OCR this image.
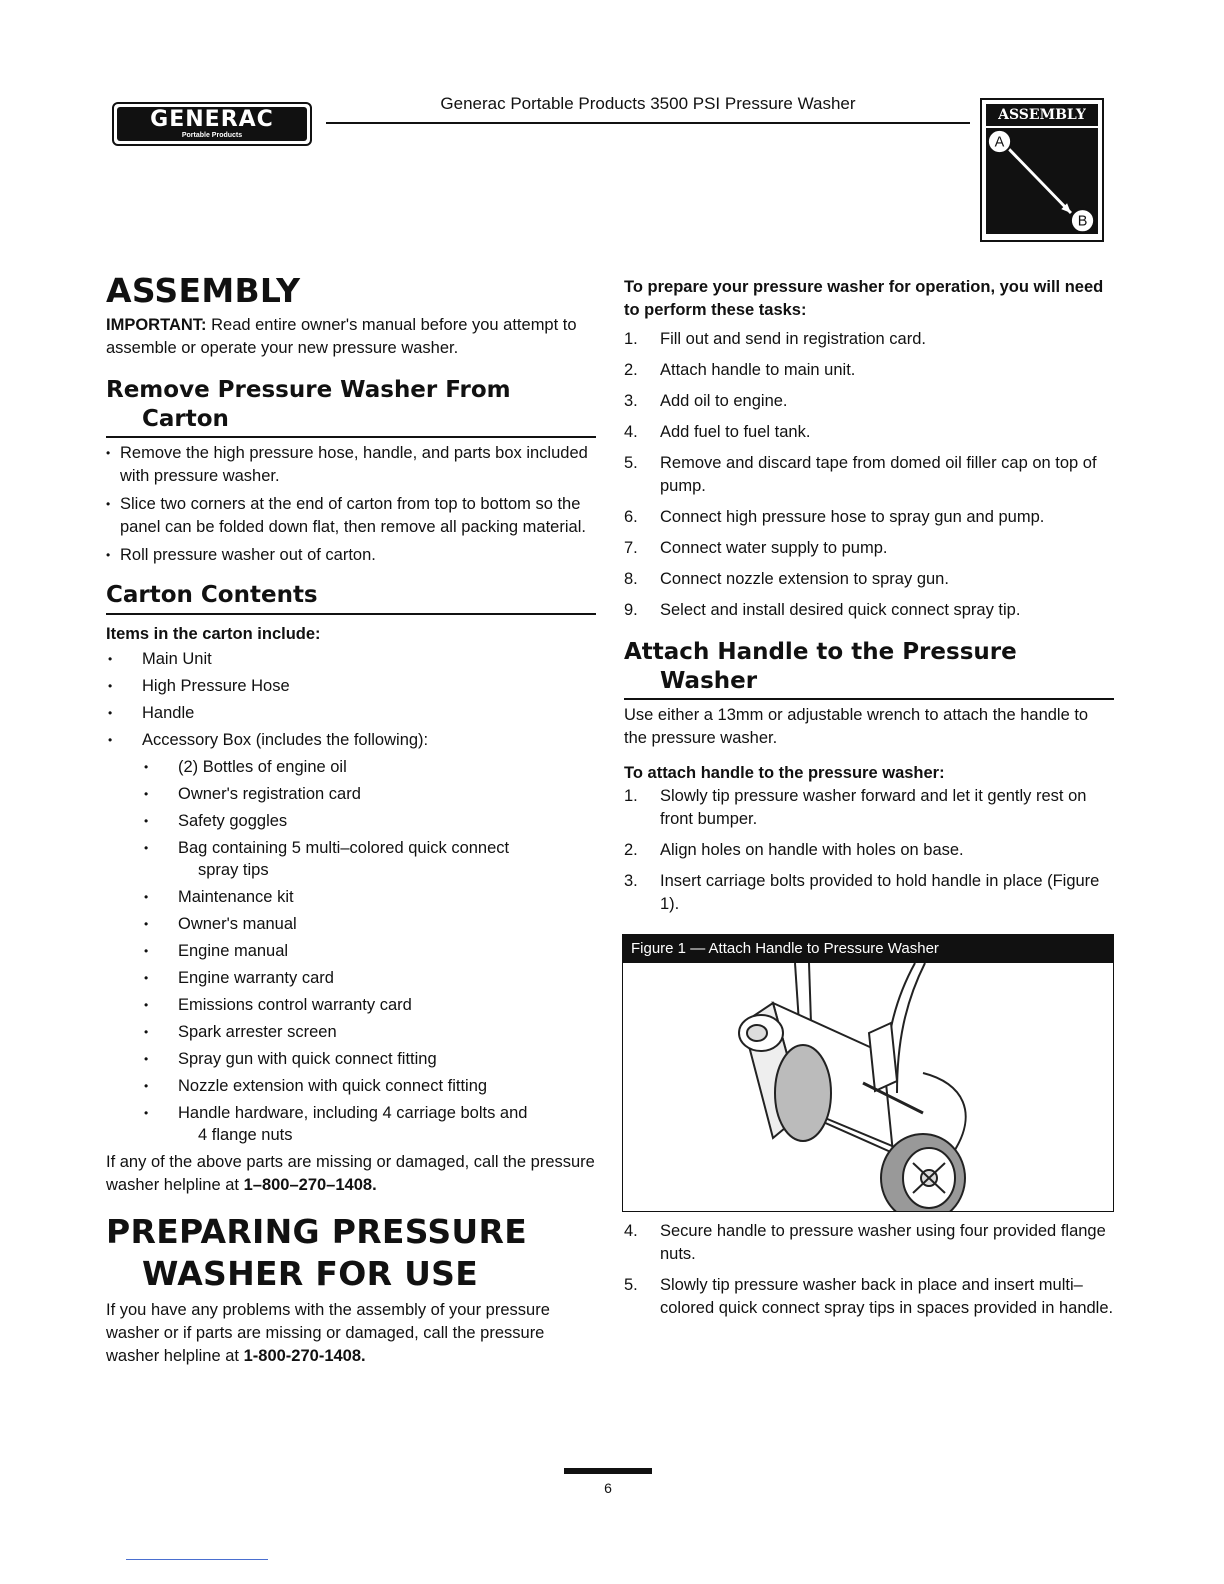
GENERAC
Portable Products
Generac Portable Products 3500 PSI Pressure Washer
ASSEMBLY
A
B
ASSEMBLY

IMPORTANT: Read entire owner's manual before you attempt to assemble or operate your new pressure washer.

Remove Pressure Washer From
Carton
• Remove the high pressure hose, handle, and parts box included with pressure washer.
• Slice two corners at the end of carton from top to bottom so the panel can be folded down flat, then remove all packing material.
• Roll pressure washer out of carton.
Carton Contents
Items in the carton include:
• Main Unit
• High Pressure Hose
• Handle
• Accessory Box (includes the following):
• (2) Bottles of engine oil
• Owner's registration card
• Safety goggles
• Bag containing 5 multi–colored quick connect
spray tips
• Maintenance kit
• Owner's manual
• Engine manual
• Engine warranty card
• Emissions control warranty card
• Spark arrester screen
• Spray gun with quick connect fitting
• Nozzle extension with quick connect fitting
• Handle hardware, including 4 carriage bolts and
4 flange nuts

If any of the above parts are missing or damaged, call the pressure washer helpline at 1–800–270–1408.

PREPARING PRESSURE
WASHER FOR USE

If you have any problems with the assembly of your pressure washer or if parts are missing or damaged, call the pressure washer helpline at 1-800-270-1408.

To prepare your pressure washer for operation, you will need to perform these tasks:

1. Fill out and send in registration card.
2. Attach handle to main unit.
3. Add oil to engine.
4. Add fuel to fuel tank.
5. Remove and discard tape from domed oil filler cap on top of pump.
6. Connect high pressure hose to spray gun and pump.
7. Connect water supply to pump.
8. Connect nozzle extension to spray gun.
9. Select and install desired quick connect spray tip.
Attach Handle to the Pressure
Washer

Use either a 13mm or adjustable wrench to attach the handle to the pressure washer.

To attach handle to the pressure washer:

1. Slowly tip pressure washer forward and let it gently rest on front bumper.
2. Align holes on handle with holes on base.
3. Insert carriage bolts provided to hold handle in place (Figure 1).
Figure 1 — Attach Handle to Pressure Washer
4. Secure handle to pressure washer using four provided flange nuts.
5. Slowly tip pressure washer back in place and insert multi–colored quick connect spray tips in spaces provided in handle.
6
